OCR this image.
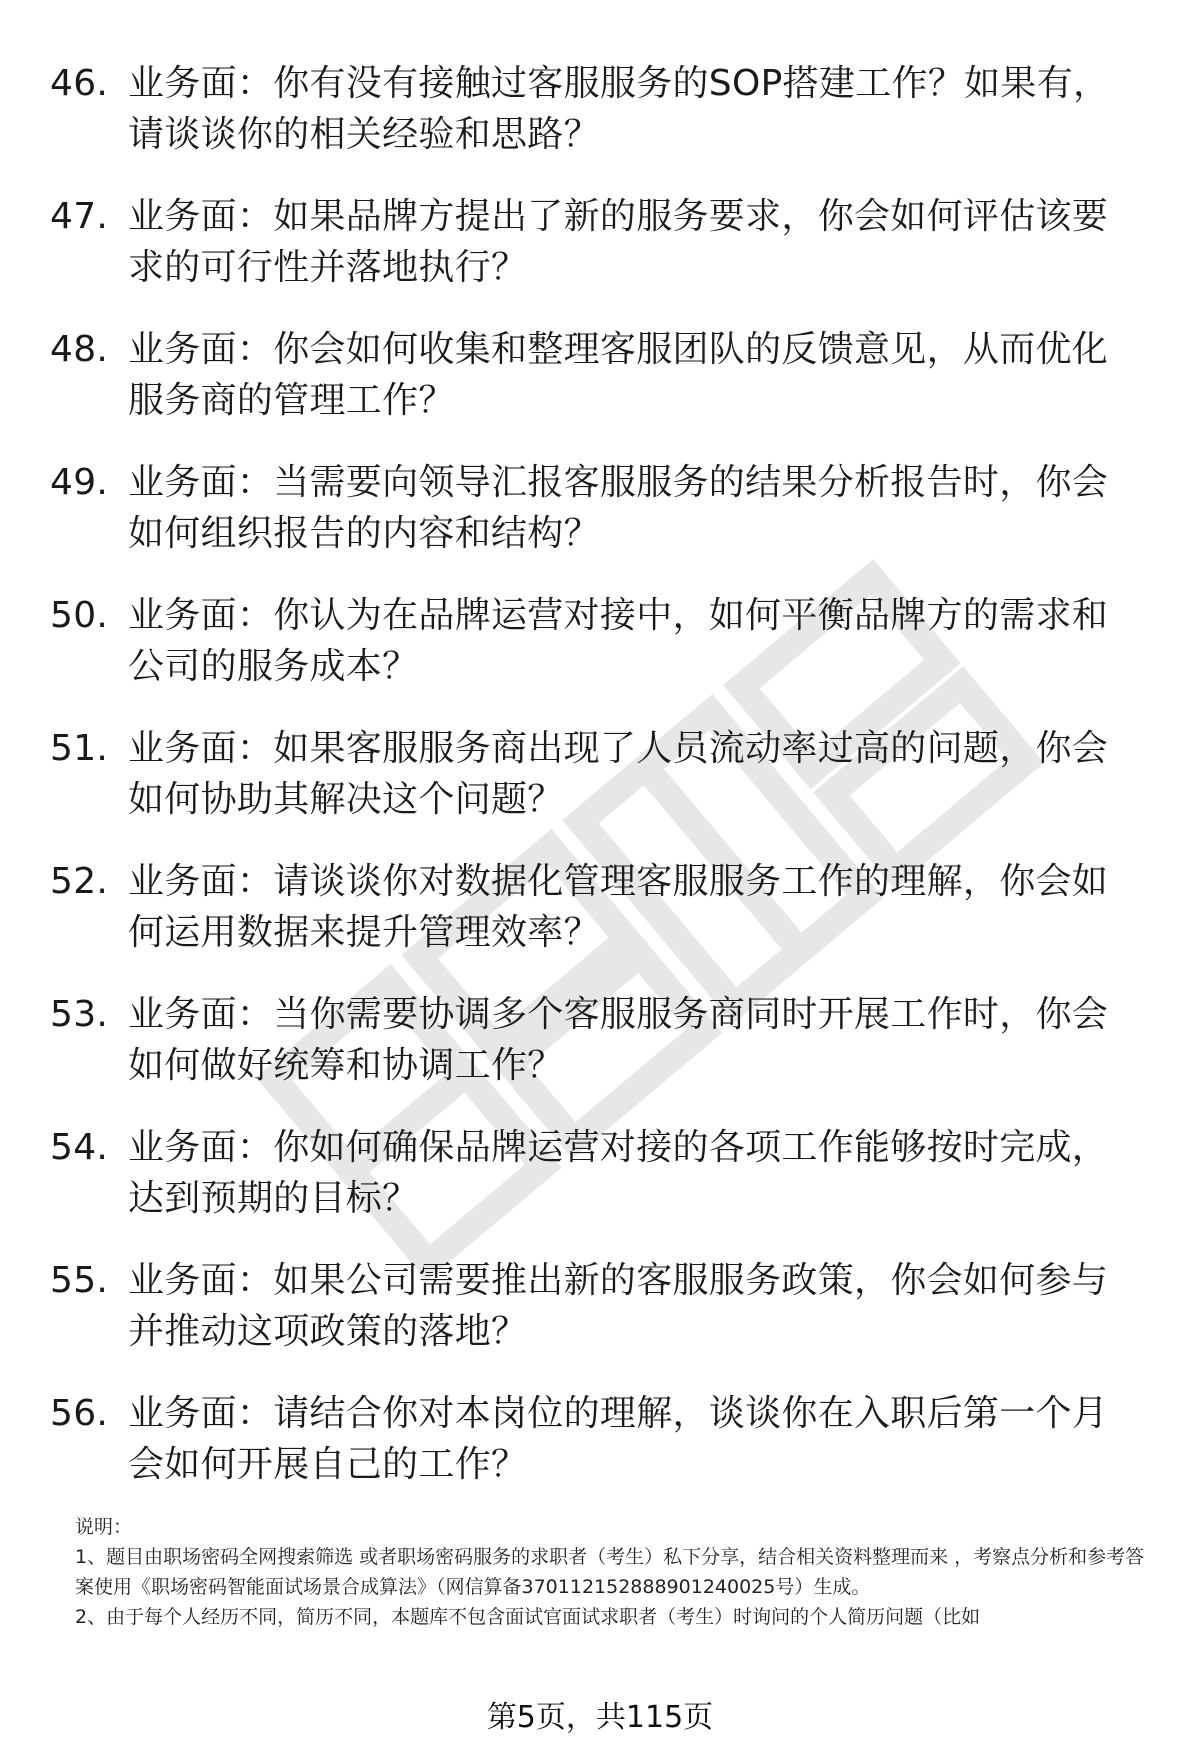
46. 业务面：你有没有接触过客服服务的SOP搭建工作？如果有，请谈谈你的相关经验和思路？
47. 业务面：如果品牌方提出了新的服务要求，你会如何评估该要求的可行性并落地执行？
48. 业务面：你会如何收集和整理客服团队的反馈意见，从而优化服务商的管理工作？
49. 业务面：当需要向领导汇报客服服务的结果分析报告时，你会如何组织报告的内容和结构？
50. 业务面：你认为在品牌运营对接中，如何平衡品牌方的需求和公司的服务成本？
51. 业务面：如果客服服务商出现了人员流动率过高的问题，你会如何协助其解决这个问题？
52. 业务面：请谈谈你对数据化管理客服服务工作的理解，你会如何运用数据来提升管理效率？
53. 业务面：当你需要协调多个客服服务商同时开展工作时，你会如何做好统筹和协调工作？
54. 业务面：你如何确保品牌运营对接的各项工作能够按时完成，达到预期的目标？
55. 业务面：如果公司需要推出新的客服服务政策，你会如何参与并推动这项政策的落地？
56. 业务面：请结合你对本岗位的理解，谈谈你在入职后第一个月会如何开展自己的工作？

说明：

1、题目由职场密码全网搜索筛选 或者职场密码服务的求职者（考生）私下分享，结合相关资料整理而来 ，考察点分析和参考答案使用《职场密码智能面试场景合成算法》（网信算备370112152888901240025号）生成。

2、由于每个人经历不同，简历不同，本题库不包含面试官面试求职者（考生）时询问的个人简历问题（比如

第5页，共115页
